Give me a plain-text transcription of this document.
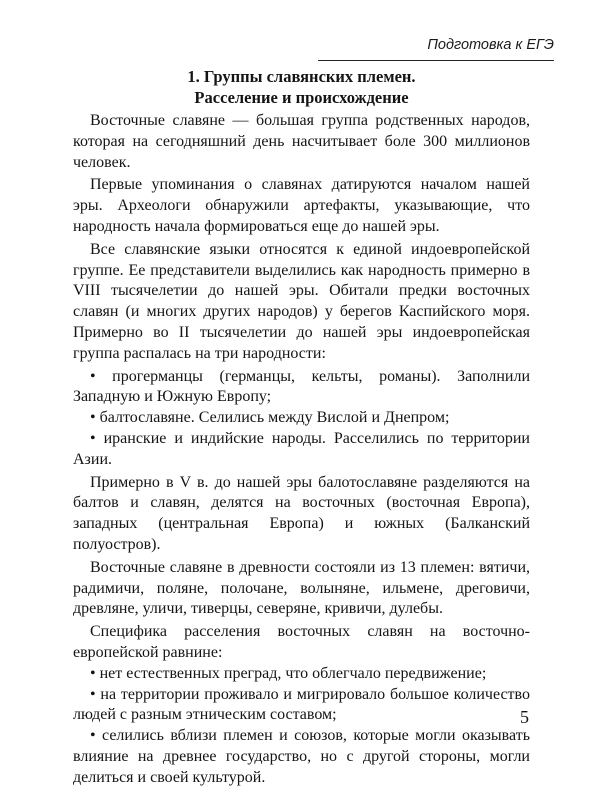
Подготовка к ЕГЭ
1. Группы славянских племен.
Расселение и происхождение

Восточные славяне — большая группа родственных народов, которая на сегодняшний день насчитывает боле 300 миллионов человек.

Первые упоминания о славянах датируются началом нашей эры. Археологи обнаружили артефакты, указывающие, что народность начала формироваться еще до нашей эры.

Все славянские языки относятся к единой индоевропейской группе. Ее представители выделились как народность примерно в VIII тысячелетии до нашей эры. Обитали предки восточных славян (и многих других народов) у берегов Каспийского моря. Примерно во II тысячелетии до нашей эры индоевропейская группа распалась на три народности:

• прогерманцы (германцы, кельты, романы). Заполнили Западную и Южную Европу;
• балтославяне. Селились между Вислой и Днепром;
• иранские и индийские народы. Расселились по территории Азии.

Примерно в V в. до нашей эры балотославяне разделяются на балтов и славян, делятся на восточных (восточная Европа), западных (центральная Европа) и южных (Балканский полуостров).

Восточные славяне в древности состояли из 13 племен: вятичи, радимичи, поляне, полочане, волыняне, ильмене, дреговичи, древляне, уличи, тиверцы, северяне, кривичи, дулебы.

Специфика расселения восточных славян на восточно-европейской равнине:

• нет естественных преград, что облегчало передвижение;
• на территории проживало и мигрировало большое количество людей с разным этническим составом;
• селились вблизи племен и союзов, которые могли оказывать влияние на древнее государство, но с другой стороны, могли делиться и своей культурой.
5
